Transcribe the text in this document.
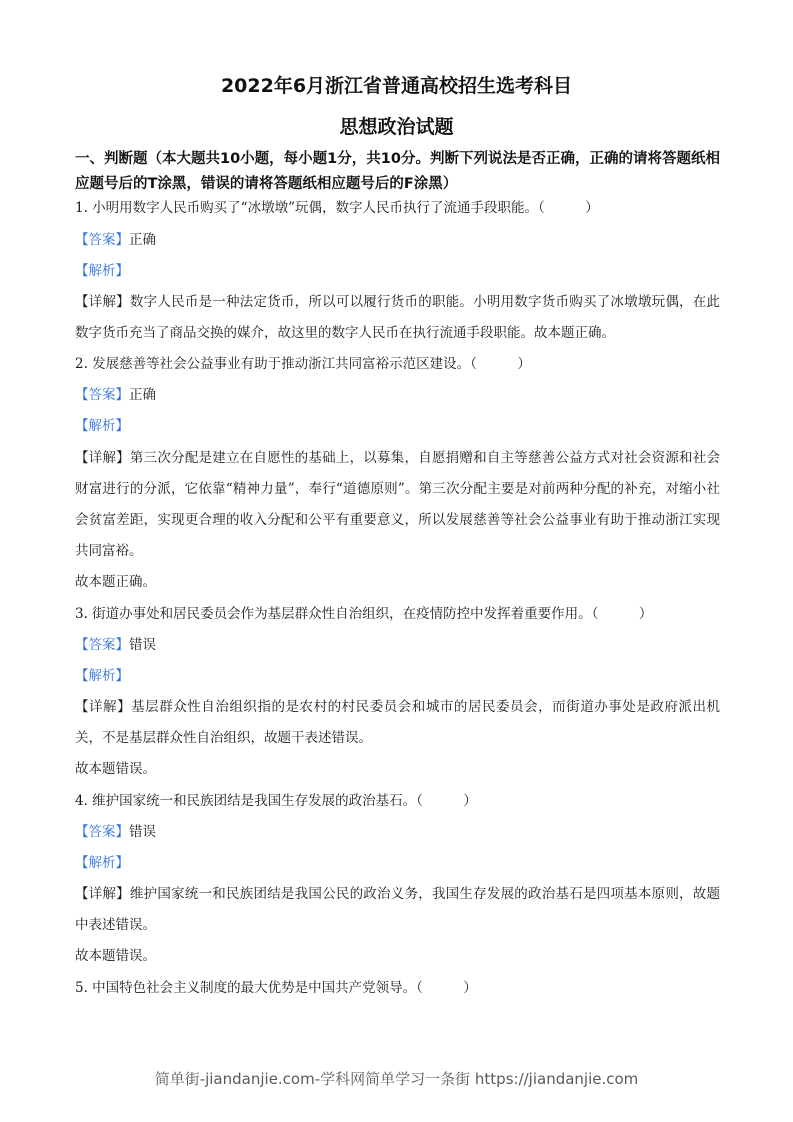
2022年6月浙江省普通高校招生选考科目
思想政治试题
一、判断题（本大题共10小题，每小题1分，共10分。判断下列说法是否正确，正确的请将答题纸相应题号后的T涂黑，错误的请将答题纸相应题号后的F涂黑）
1. 小明用数字人民币购买了“冰墩墩”玩偶，数字人民币执行了流通手段职能。（　　　）
【答案】正确
【解析】
【详解】数字人民币是一种法定货币，所以可以履行货币的职能。小明用数字货币购买了冰墩墩玩偶，在此数字货币充当了商品交换的媒介，故这里的数字人民币在执行流通手段职能。故本题正确。
2. 发展慈善等社会公益事业有助于推动浙江共同富裕示范区建设。（　　　）
【答案】正确
【解析】
【详解】第三次分配是建立在自愿性的基础上，以募集，自愿捐赠和自主等慈善公益方式对社会资源和社会财富进行的分派，它依靠“精神力量”，奉行“道德原则”。第三次分配主要是对前两种分配的补充，对缩小社会贫富差距，实现更合理的收入分配和公平有重要意义，所以发展慈善等社会公益事业有助于推动浙江实现共同富裕。
故本题正确。
3. 街道办事处和居民委员会作为基层群众性自治组织，在疫情防控中发挥着重要作用。（　　　）
【答案】错误
【解析】
【详解】基层群众性自治组织指的是农村的村民委员会和城市的居民委员会，而街道办事处是政府派出机关，不是基层群众性自治组织，故题干表述错误。
故本题错误。
4. 维护国家统一和民族团结是我国生存发展的政治基石。（　　　）
【答案】错误
【解析】
【详解】维护国家统一和民族团结是我国公民的政治义务，我国生存发展的政治基石是四项基本原则，故题中表述错误。
故本题错误。
5. 中国特色社会主义制度的最大优势是中国共产党领导。（　　　）
简单街-jiandanjie.com-学科网简单学习一条街 https://jiandanjie.com
